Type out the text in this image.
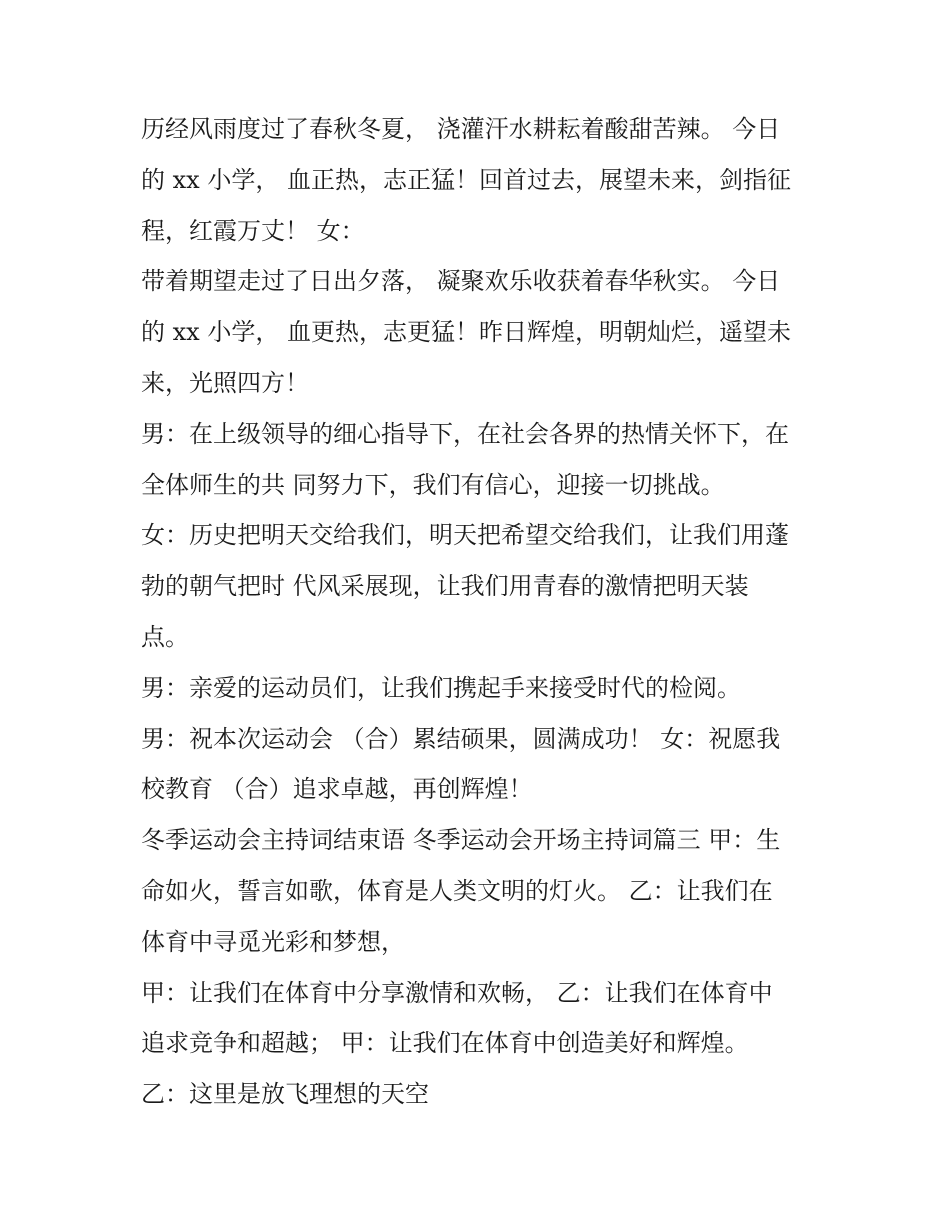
历经风雨度过了春秋冬夏， 浇灌汗水耕耘着酸甜苦辣。 今日
的 xx 小学， 血正热，志正猛！回首过去，展望未来，剑指征
程，红霞万丈！ 女：
带着期望走过了日出夕落， 凝聚欢乐收获着春华秋实。 今日
的 xx 小学， 血更热，志更猛！昨日辉煌，明朝灿烂，遥望未
来，光照四方！
男：在上级领导的细心指导下，在社会各界的热情关怀下，在
全体师生的共 同努力下，我们有信心，迎接一切挑战。
女：历史把明天交给我们，明天把希望交给我们，让我们用蓬
勃的朝气把时 代风采展现，让我们用青春的激情把明天装
点。
男：亲爱的运动员们，让我们携起手来接受时代的检阅。
男：祝本次运动会 （合）累结硕果，圆满成功！ 女：祝愿我
校教育 （合）追求卓越，再创辉煌！
冬季运动会主持词结束语 冬季运动会开场主持词篇三 甲：生
命如火，誓言如歌，体育是人类文明的灯火。 乙：让我们在
体育中寻觅光彩和梦想，
甲：让我们在体育中分享激情和欢畅， 乙：让我们在体育中
追求竞争和超越； 甲：让我们在体育中创造美好和辉煌。
乙：这里是放飞理想的天空
